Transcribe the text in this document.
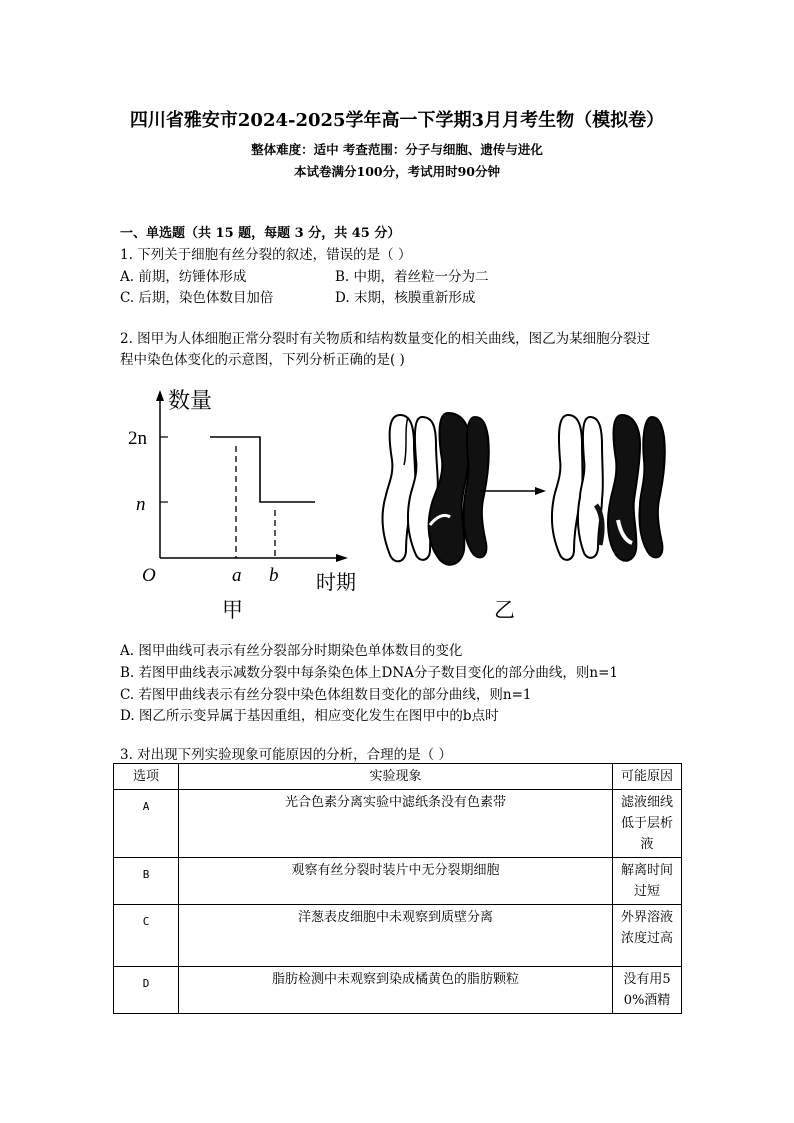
四川省雅安市2024-2025学年高一下学期3月月考生物（模拟卷）
整体难度：适中 考查范围：分子与细胞、遗传与进化
本试卷满分100分，考试用时90分钟
一、单选题（共 15 题，每题 3 分，共 45 分）
1. 下列关于细胞有丝分裂的叙述，错误的是（ ）
A. 前期，纺锤体形成	B. 中期，着丝粒一分为二
C. 后期，染色体数目加倍	D. 末期，核膜重新形成
2. 图甲为人体细胞正常分裂时有关物质和结构数量变化的相关曲线，图乙为某细胞分裂过
程中染色体变化的示意图，下列分析正确的是( )
数量
时期
O
2n
n
a b
甲	乙
A. 图甲曲线可表示有丝分裂部分时期染色单体数目的变化
B. 若图甲曲线表示减数分裂中每条染色体上DNA分子数目变化的部分曲线，则n=1
C. 若图甲曲线表示有丝分裂中染色体组数目变化的部分曲线，则n=1
D. 图乙所示变异属于基因重组，相应变化发生在图甲中的b点时
3. 对出现下列实验现象可能原因的分析，合理的是（ ）
选项	实验现象	可能原因
A	光合色素分离实验中滤纸条没有色素带	滤液细线低于层析液
B	观察有丝分裂时装片中无分裂期细胞	解离时间过短
C	洋葱表皮细胞中未观察到质壁分离	外界溶液浓度过高
D	脂肪检测中未观察到染成橘黄色的脂肪颗粒	没有用50%酒精
